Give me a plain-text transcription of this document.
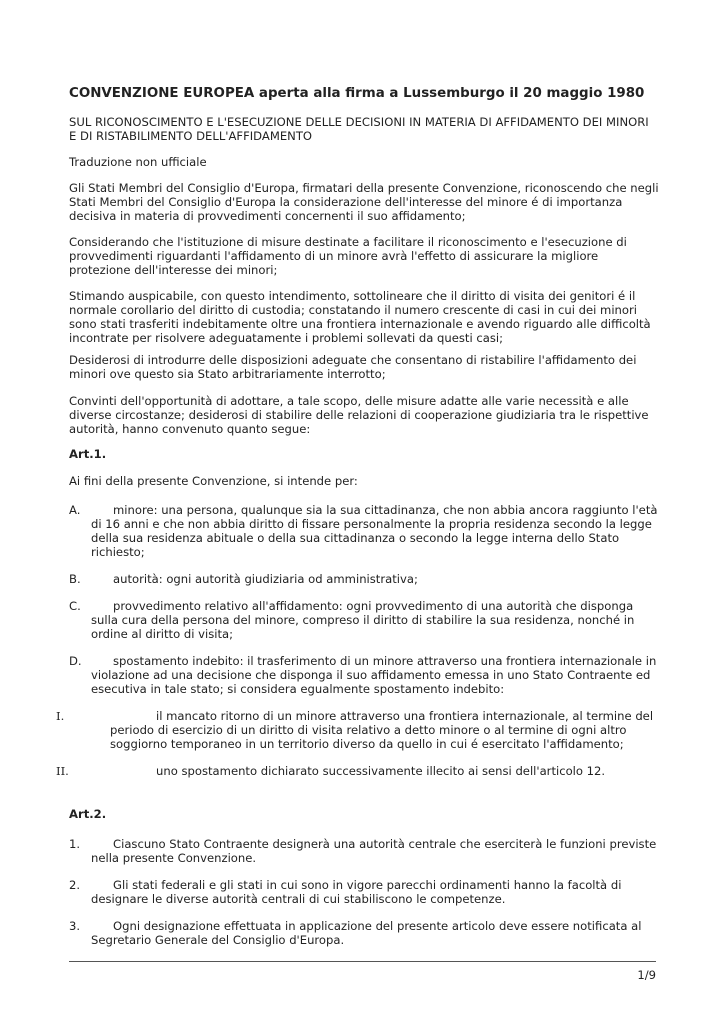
CONVENZIONE EUROPEA aperta alla firma a Lussemburgo il 20 maggio 1980

SUL RICONOSCIMENTO E L'ESECUZIONE DELLE DECISIONI IN MATERIA DI AFFIDAMENTO DEI MINORI E DI RISTABILIMENTO DELL'AFFIDAMENTO

Traduzione non ufficiale

Gli Stati Membri del Consiglio d'Europa, firmatari della presente Convenzione, riconoscendo che negli Stati Membri del Consiglio d'Europa la considerazione dell'interesse del minore é di importanza decisiva in materia di provvedimenti concernenti il suo affidamento;

Considerando che l'istituzione di misure destinate a facilitare il riconoscimento e l'esecuzione di provvedimenti riguardanti l'affidamento di un minore avrà l'effetto di assicurare la migliore protezione dell'interesse dei minori;

Stimando auspicabile, con questo intendimento, sottolineare che il diritto di visita dei genitori é il normale corollario del diritto di custodia; constatando il numero crescente di casi in cui dei minori sono stati trasferiti indebitamente oltre una frontiera internazionale e avendo riguardo alle difficoltà incontrate per risolvere adeguatamente i problemi sollevati da questi casi;

Desiderosi di introdurre delle disposizioni adeguate che consentano di ristabilire l'affidamento dei minori ove questo sia Stato arbitrariamente interrotto;

Convinti dell'opportunità di adottare, a tale scopo, delle misure adatte alle varie necessità e alle diverse circostanze; desiderosi di stabilire delle relazioni di cooperazione giudiziaria tra le rispettive autorità, hanno convenuto quanto segue:

Art.1.

Ai fini della presente Convenzione, si intende per:

A.	minore: una persona, qualunque sia la sua cittadinanza, che non abbia ancora raggiunto l'età
di 16 anni e che non abbia diritto di fissare personalmente la propria residenza secondo la legge della sua residenza abituale o della sua cittadinanza o secondo la legge interna dello Stato richiesto;
B.	autorità: ogni autorità giudiziaria od amministrativa;
C.	provvedimento relativo all'affidamento: ogni provvedimento di una autorità che disponga
sulla cura della persona del minore, compreso il diritto di stabilire la sua residenza, nonché in ordine al diritto di visita;
D.	spostamento indebito: il trasferimento di un minore attraverso una frontiera internazionale in
violazione ad una decisione che disponga il suo affidamento emessa in uno Stato Contraente ed esecutiva in tale stato; si considera egualmente spostamento indebito:
I.	il mancato ritorno di un minore attraverso una frontiera internazionale, al termine del
periodo di esercizio di un diritto di visita relativo a detto minore o al termine di ogni altro soggiorno temporaneo in un territorio diverso da quello in cui é esercitato l'affidamento;
II.	uno spostamento dichiarato successivamente illecito ai sensi dell'articolo 12.

Art.2.

1.	Ciascuno Stato Contraente designerà una autorità centrale che eserciterà le funzioni previste
nella presente Convenzione.
2.	Gli stati federali e gli stati in cui sono in vigore parecchi ordinamenti hanno la facoltà di
designare le diverse autorità centrali di cui stabiliscono le competenze.
3.	Ogni designazione effettuata in applicazione del presente articolo deve essere notificata al
Segretario Generale del Consiglio d'Europa.
1/9
